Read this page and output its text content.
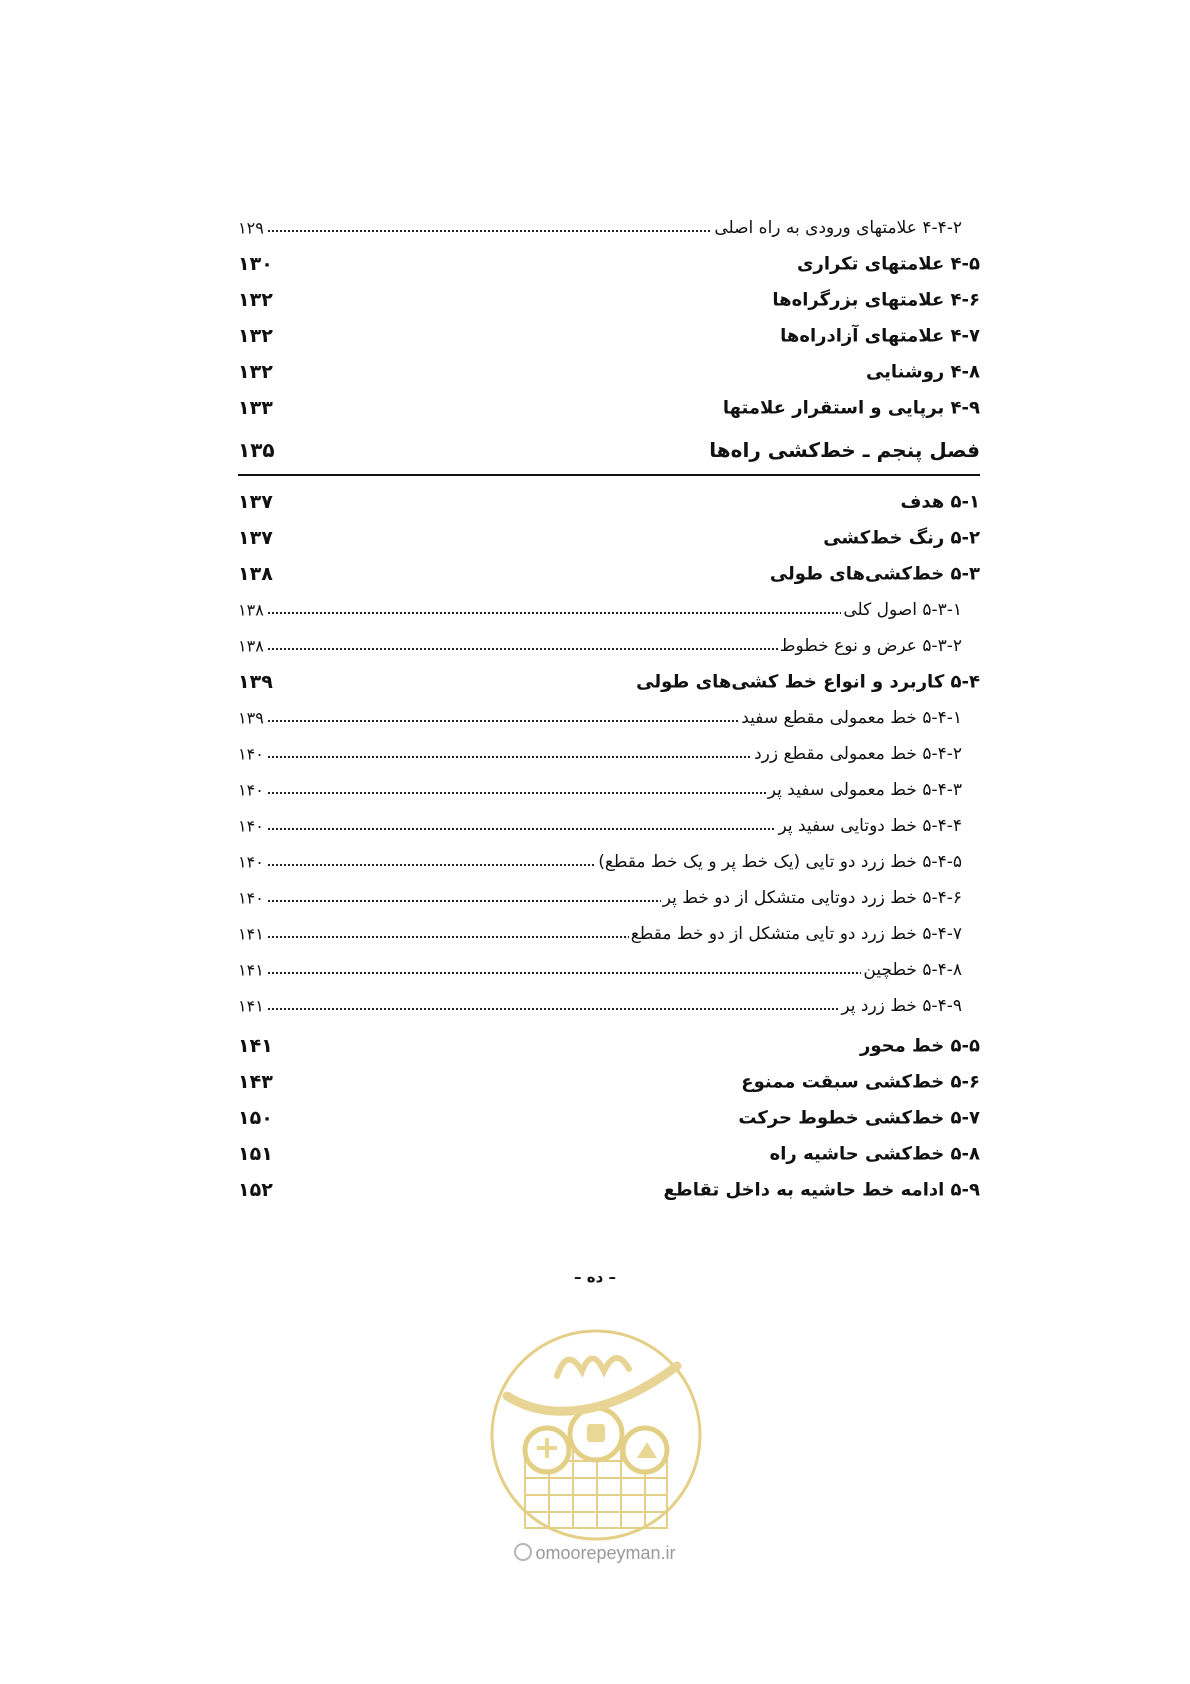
۴-۴-۲ علامتهای ورودی به راه اصلی
۱۲۹
۴-۵ علامتهای تکراری
۱۳۰
۴-۶ علامتهای بزرگراه‌ها
۱۳۲
۴-۷ علامتهای آزادراه‌ها
۱۳۲
۴-۸ روشنایی
۱۳۲
۴-۹ برپایی و استقرار علامتها
۱۳۳
فصل پنجم ـ خط‌کشی راه‌ها
۱۳۵
۵-۱ هدف
۱۳۷
۵-۲ رنگ خط‌کشی
۱۳۷
۵-۳ خط‌کشی‌های طولی
۱۳۸
۵-۳-۱ اصول کلی
۱۳۸
۵-۳-۲ عرض و نوع خطوط
۱۳۸
۵-۴ کاربرد و انواع خط کشی‌های طولی
۱۳۹
۵-۴-۱ خط معمولی مقطع سفید
۱۳۹
۵-۴-۲ خط معمولی مقطع زرد
۱۴۰
۵-۴-۳ خط معمولی سفید پر
۱۴۰
۵-۴-۴ خط دوتایی سفید پر
۱۴۰
۵-۴-۵ خط زرد دو تایی (یک خط پر و یک خط مقطع)
۱۴۰
۵-۴-۶ خط زرد دوتایی متشکل از دو خط پر
۱۴۰
۵-۴-۷ خط زرد دو تایی متشکل از دو خط مقطع
۱۴۱
۵-۴-۸ خطچین
۱۴۱
۵-۴-۹ خط زرد پر
۱۴۱
۵-۵ خط محور
۱۴۱
۵-۶ خط‌کشی سبقت ممنوع
۱۴۳
۵-۷ خط‌کشی خطوط حرکت
۱۵۰
۵-۸ خط‌کشی حاشیه راه
۱۵۱
۵-۹ ادامه خط حاشیه به داخل تقاطع
۱۵۲
– ده –
omoorepeyman.ir
